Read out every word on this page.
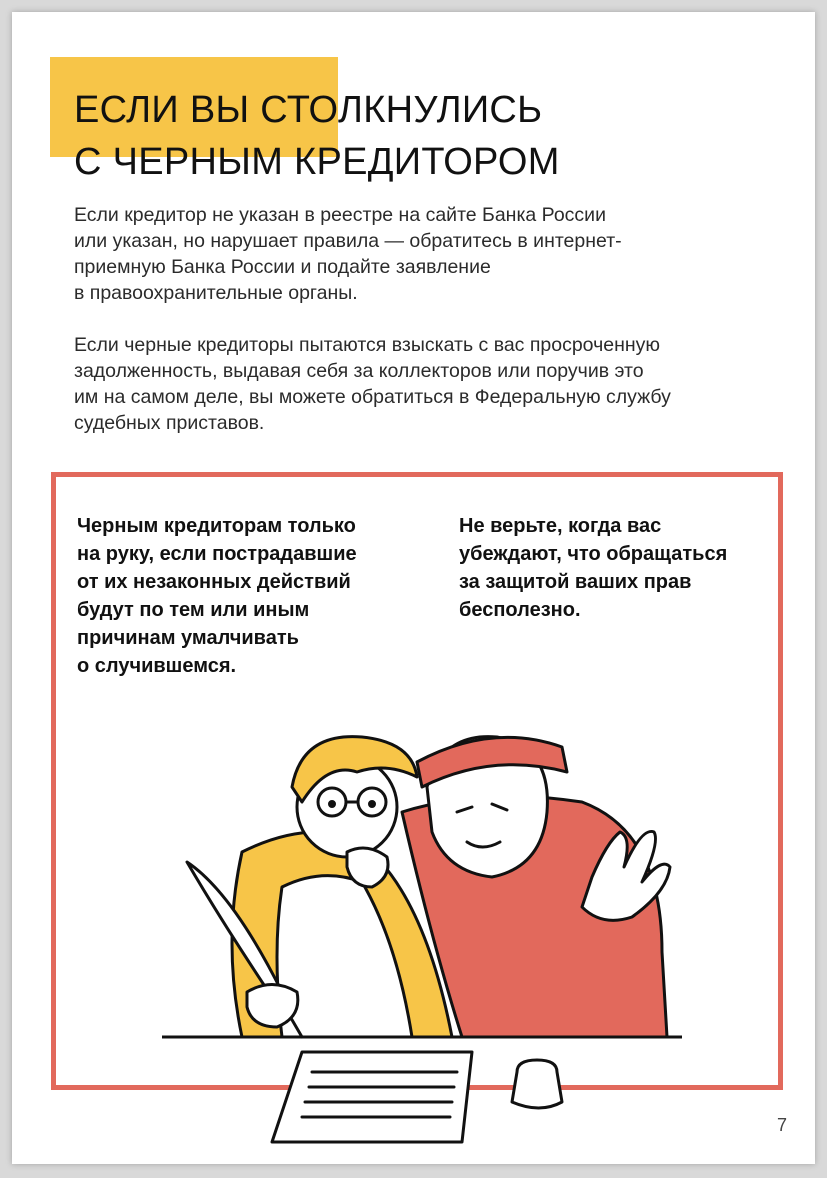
ЕСЛИ ВЫ СТОЛКНУЛИСЬ
С ЧЕРНЫМ КРЕДИТОРОМ

Если кредитор не указан в реестре на сайте Банка России
или указан, но нарушает правила — обратитесь в интернет-
приемную Банка России и подайте заявление
в правоохранительные органы.

Если черные кредиторы пытаются взыскать с вас просроченную
задолженность, выдавая себя за коллекторов или поручив это
им на самом деле, вы можете обратиться в Федеральную службу
судебных приставов.

Черным кредиторам только
на руку, если пострадавшие
от их незаконных действий
будут по тем или иным
причинам умалчивать
о случившемся.
Не верьте, когда вас
убеждают, что обращаться
за защитой ваших прав
бесполезно.
7
